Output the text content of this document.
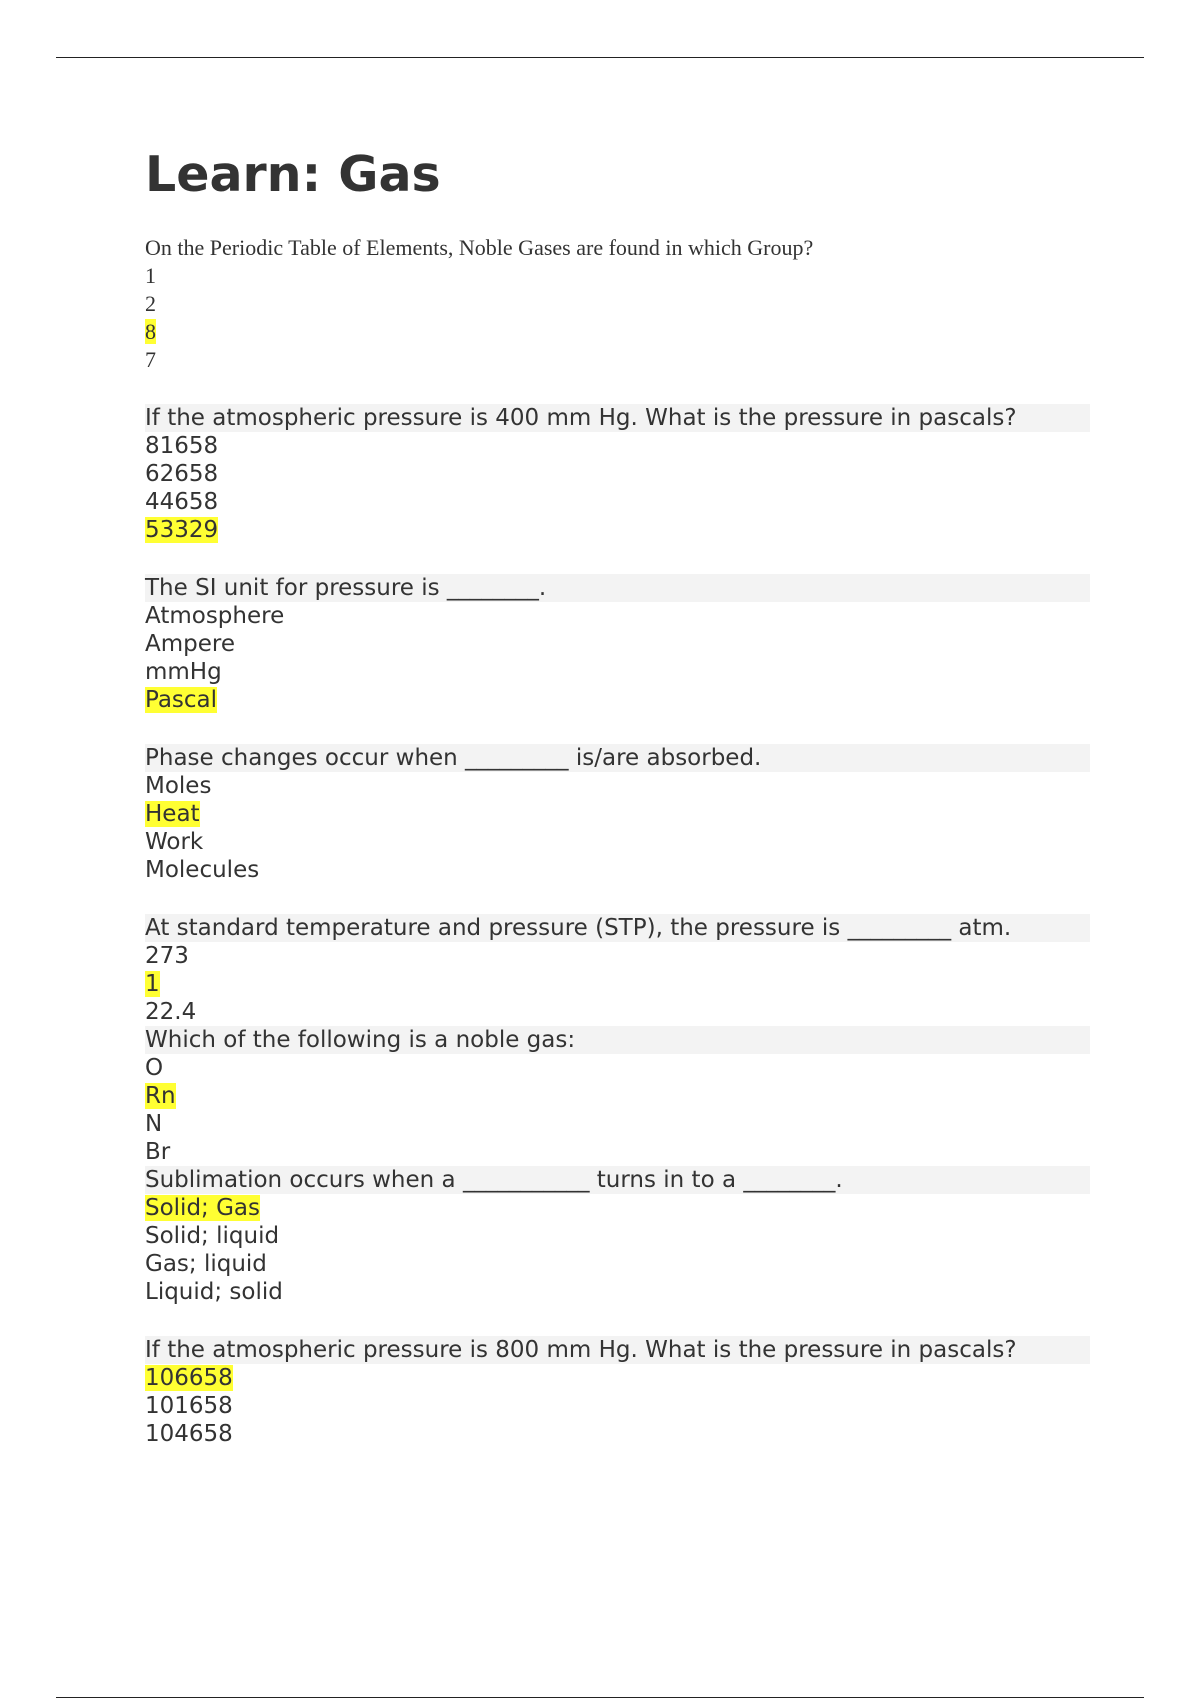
Learn: Gas
On the Periodic Table of Elements, Noble Gases are found in which Group?
1
2
8
7
If the atmospheric pressure is 400 mm Hg. What is the pressure in pascals?
81658
62658
44658
53329
The SI unit for pressure is ________.
Atmosphere
Ampere
mmHg
Pascal
Phase changes occur when _________ is/are absorbed.
Moles
Heat
Work
Molecules
At standard temperature and pressure (STP), the pressure is _________ atm.
273
1
22.4
Which of the following is a noble gas:
O
Rn
N
Br
Sublimation occurs when a ___________ turns in to a ________.
Solid; Gas
Solid; liquid
Gas; liquid
Liquid; solid
If the atmospheric pressure is 800 mm Hg. What is the pressure in pascals?
106658
101658
104658
